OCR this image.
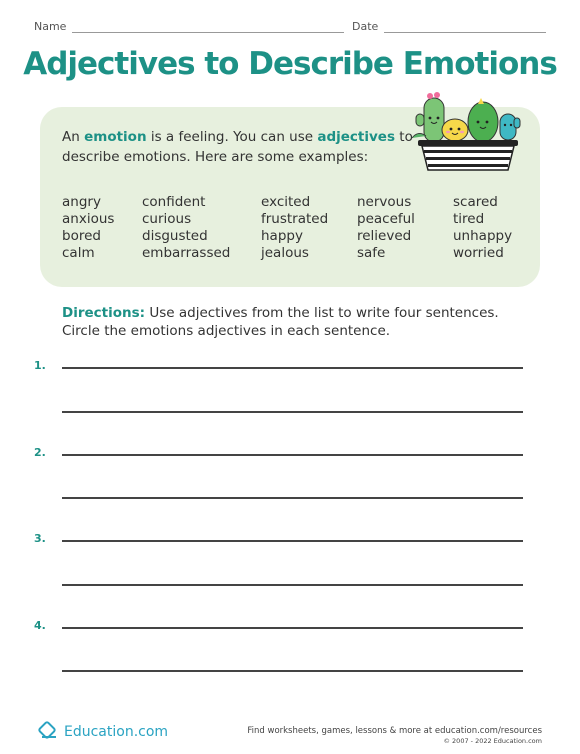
Name	Date
Adjectives to Describe Emotions

An emotion is a feeling. You can use adjectives to describe emotions. Here are some examples:

angry
anxious
bored
calm
confident
curious
disgusted
embarrassed
excited
frustrated
happy
jealous
nervous
peaceful
relieved
safe
scared
tired
unhappy
worried

Directions: Use adjectives from the list to write four sentences. Circle the emotions adjectives in each sentence.

1.
2.
3.
4.
Education.com	Find worksheets, games, lessons & more at education.com/resources
© 2007 - 2022 Education.com
